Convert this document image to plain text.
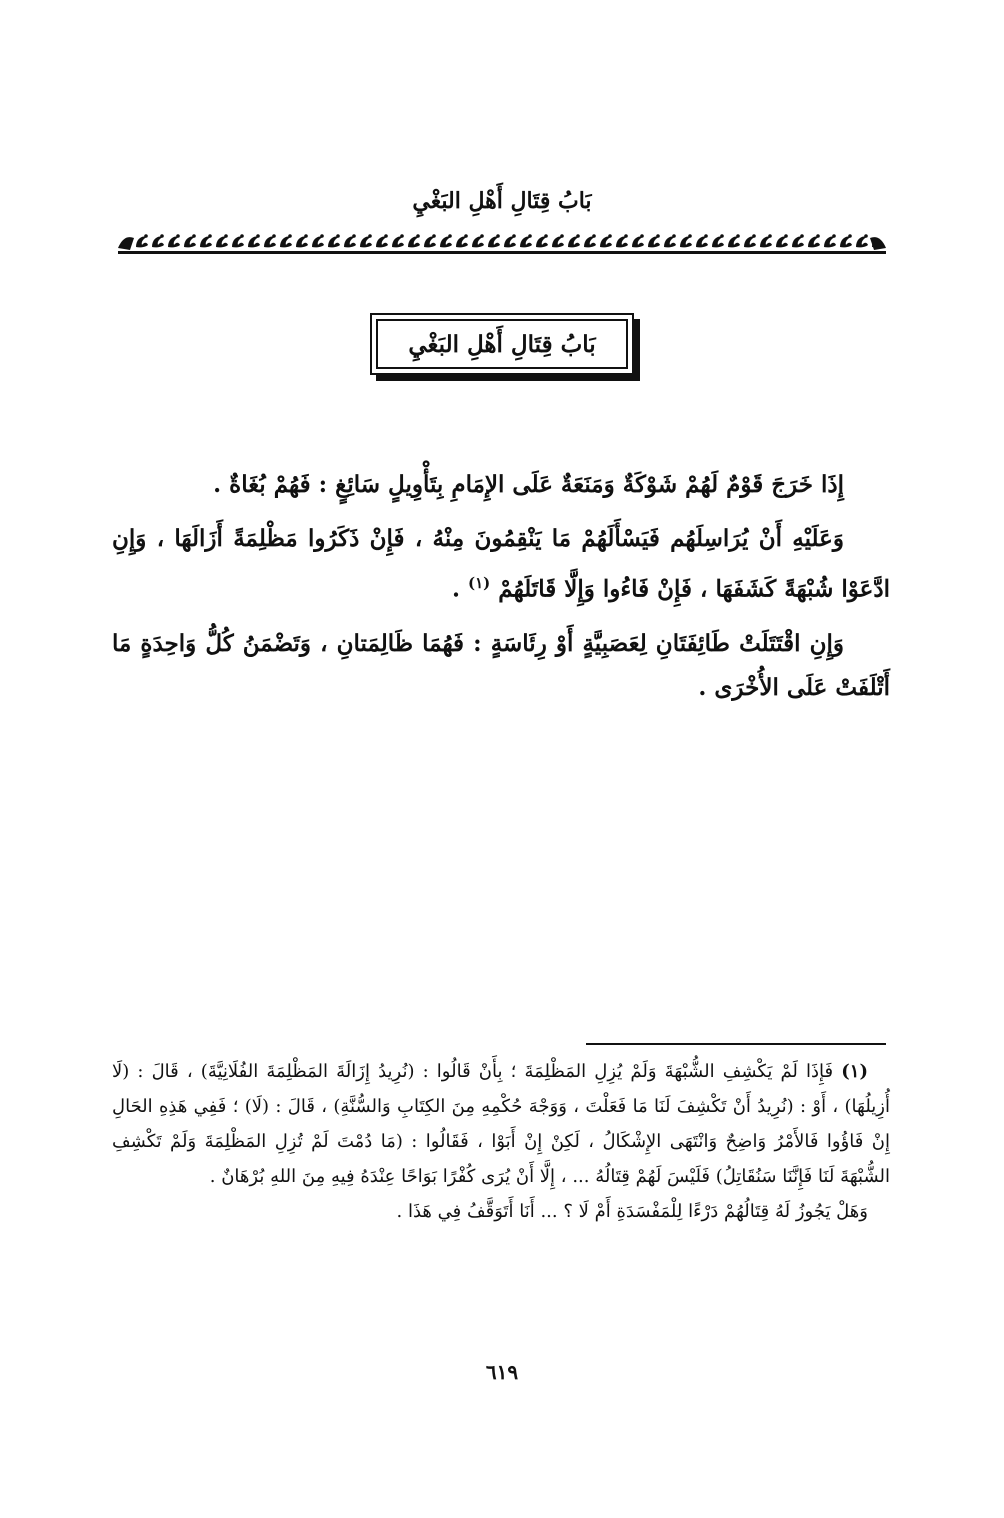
بَابُ قِتَالِ أَهْلِ البَغْيِ
بَابُ قِتَالِ أَهْلِ البَغْيِ

إِذَا خَرَجَ قَوْمٌ لَهُمْ شَوْكَةٌ وَمَنَعَةٌ عَلَى الإِمَامِ بِتَأْوِيلٍ سَائِغٍ : فَهُمْ بُغَاةٌ .

وَعَلَيْهِ أَنْ يُرَاسِلَهُم فَيَسْأَلَهُمْ مَا يَنْقِمُونَ مِنْهُ ، فَإِنْ ذَكَرُوا مَظْلِمَةً أَزَالَهَا ، وَإِنِ ادَّعَوْا شُبْهَةً كَشَفَهَا ، فَإِنْ فَاءُوا وَإِلَّا قَاتَلَهُمْ $^{(١)}$ .

وَإِنِ اقْتَتَلَتْ طَائِفَتَانِ لِعَصَبِيَّةٍ أَوْ رِئَاسَةٍ : فَهُمَا ظَالِمَتانِ ، وَتَضْمَنُ كُلُّ وَاحِدَةٍ مَا أَتْلَفَتْ عَلَى الأُخْرَى .

(١) فَإِذَا لَمْ يَكْشِفِ الشُّبْهَةَ وَلَمْ يُزِلِ المَظْلِمَةَ ؛ بِأَنْ قَالُوا : (نُرِيدُ إِزَالَةَ المَظْلِمَةَ الفُلَانِيَّةَ) ، قَالَ : (لَا أُزِيلُهَا) ، أَوْ : (نُرِيدُ أَنْ تَكْشِفَ لَنَا مَا فَعَلْتَ ، وَوَجْهَ حُكْمِهِ مِنَ الكِتَابِ وَالسُّنَّةِ) ، قَالَ : (لَا) ؛ فَفِي هَذِهِ الحَالِ إِنْ فَاؤُوا فَالأَمْرُ وَاضِحٌ وَانْتَهَى الإِشْكَالُ ، لَكِنْ إِنْ أَبَوْا ، فَقَالُوا : (مَا دُمْتَ لَمْ تُزِلِ المَظْلِمَةَ وَلَمْ تَكْشِفِ الشُّبْهَةَ لَنَا فَإِنَّنَا سَنُقَاتِلُ) فَلَيْسَ لَهُمْ قِتَالُهُ ... ، إِلَّا أَنْ يُرَى كُفْرًا بَوَاحًا عِنْدَهُ فِيهِ مِنَ اللهِ بُرْهَانٌ .

وَهَلْ يَجُوزُ لَهُ قِتَالُهُمْ دَرْءًا لِلْمَفْسَدَةِ أَمْ لَا ؟ ... أَنَا أَتَوَقَّفُ فِي هَذَا .

٦١٩
